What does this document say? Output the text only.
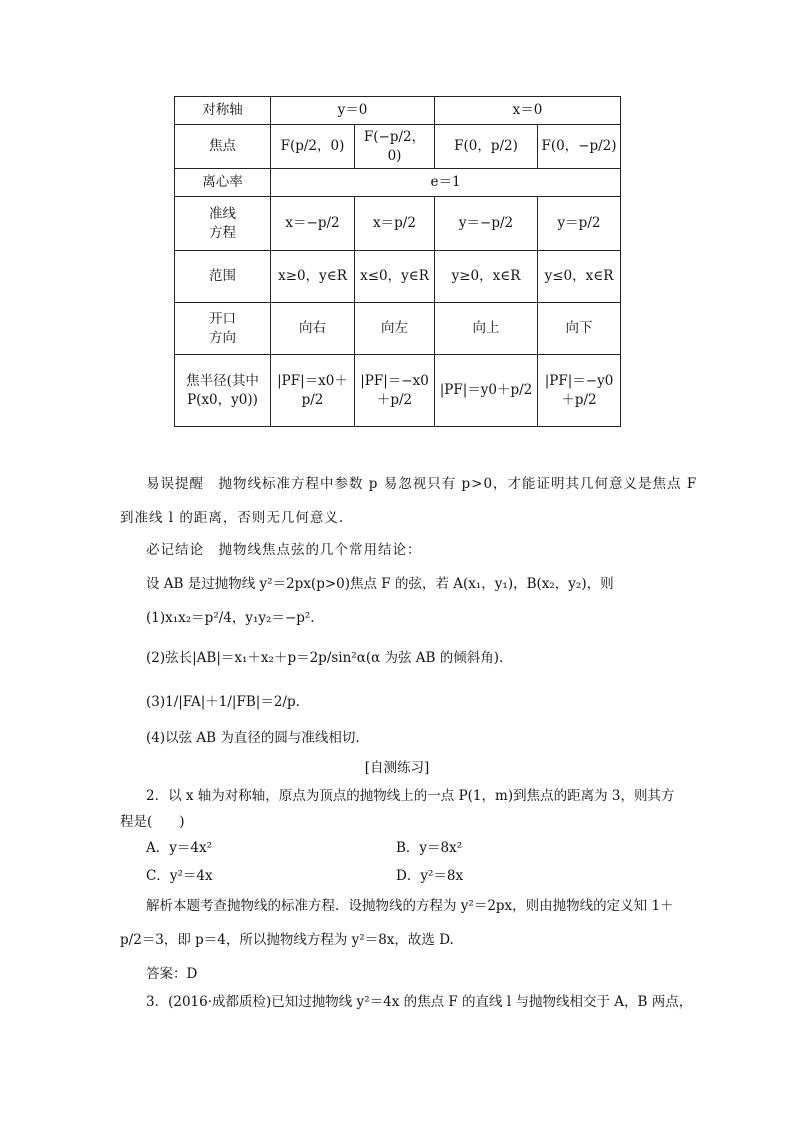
对称轴	y＝0		x＝0	
焦点	F(p/2，0)	F(−p/2，0)	F(0，p/2)	F(0，−p/2)
离心率	e＝1			

准线
方程	x＝−p/2	x＝p/2	y＝−p/2	y＝p/2
范围	x≥0，y∈R	x≤0，y∈R	y≥0，x∈R	y≤0，x∈R

开口
方向	向右	向左	向上	向下

焦半径(其中
P(x0，y0))	|PF|＝x0＋p/2	|PF|＝−x0＋p/2	|PF|＝y0＋p/2	|PF|＝−y0＋p/2
易误提醒　抛物线标准方程中参数 p 易忽视只有 p>0，才能证明其几何意义是焦点 F
到准线 l 的距离，否则无几何意义.
必记结论　抛物线焦点弦的几个常用结论：
设 AB 是过抛物线 y²＝2px(p>0)焦点 F 的弦，若 A(x₁，y₁)，B(x₂，y₂)，则
(1)x₁x₂＝p²/4，y₁y₂＝−p².
(2)弦长|AB|＝x₁＋x₂＋p＝2p/sin²α(α 为弦 AB 的倾斜角).
(3)1/|FA|＋1/|FB|＝2/p.
(4)以弦 AB 为直径的圆与准线相切.
[自测练习]
2．以 x 轴为对称轴，原点为顶点的抛物线上的一点 P(1，m)到焦点的距离为 3，则其方
程是(　　)
A．y＝4x²	B．y＝8x²
C．y²＝4x	D．y²＝8x
解析本题考查抛物线的标准方程．设抛物线的方程为 y²＝2px，则由抛物线的定义知 1＋
p/2＝3，即 p＝4，所以抛物线方程为 y²＝8x，故选 D.
答案：D
3．(2016·成都质检)已知过抛物线 y²＝4x 的焦点 F 的直线 l 与抛物线相交于 A，B 两点，
